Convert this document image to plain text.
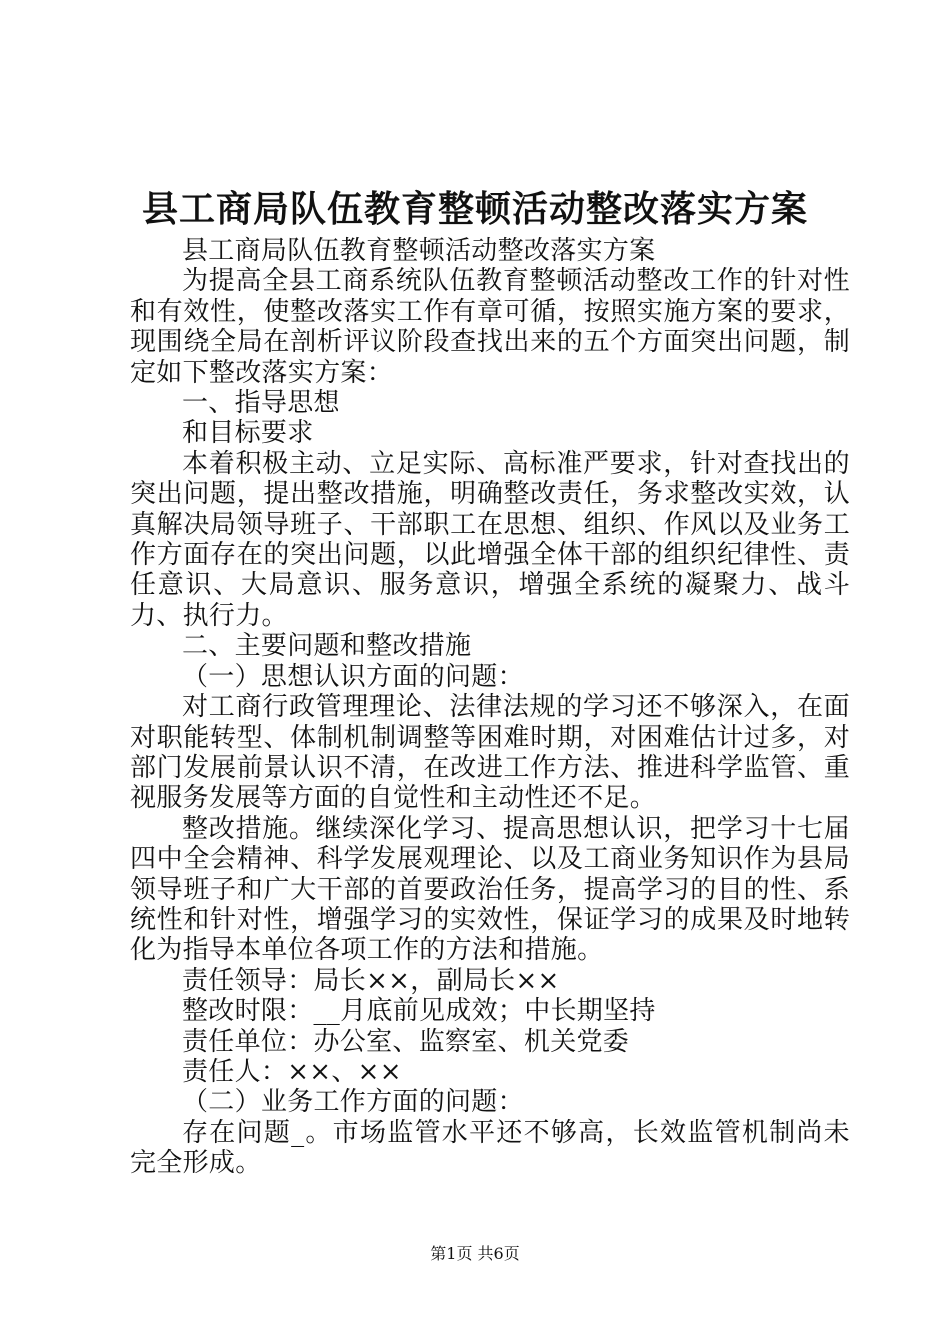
县工商局队伍教育整顿活动整改落实方案

县工商局队伍教育整顿活动整改落实方案

为提高全县工商系统队伍教育整顿活动整改工作的针对性和有效性，使整改落实工作有章可循，按照实施方案的要求，现围绕全局在剖析评议阶段查找出来的五个方面突出问题，制定如下整改落实方案：

一、指导思想

和目标要求

本着积极主动、立足实际、高标准严要求，针对查找出的突出问题，提出整改措施，明确整改责任，务求整改实效，认真解决局领导班子、干部职工在思想、组织、作风以及业务工作方面存在的突出问题，以此增强全体干部的组织纪律性、责任意识、大局意识、服务意识，增强全系统的凝聚力、战斗力、执行力。

二、主要问题和整改措施

（一）思想认识方面的问题：

对工商行政管理理论、法律法规的学习还不够深入，在面对职能转型、体制机制调整等困难时期，对困难估计过多，对部门发展前景认识不清，在改进工作方法、推进科学监管、重视服务发展等方面的自觉性和主动性还不足。

整改措施。继续深化学习、提高思想认识，把学习十七届四中全会精神、科学发展观理论、以及工商业务知识作为县局领导班子和广大干部的首要政治任务，提高学习的目的性、系统性和针对性，增强学习的实效性，保证学习的成果及时地转化为指导本单位各项工作的方法和措施。

责任领导：局长××，副局长××

整改时限：__月底前见成效；中长期坚持

责任单位：办公室、监察室、机关党委

责任人：××、××

（二）业务工作方面的问题：

存在问题_。市场监管水平还不够高，长效监管机制尚未完全形成。

第1页 共6页
